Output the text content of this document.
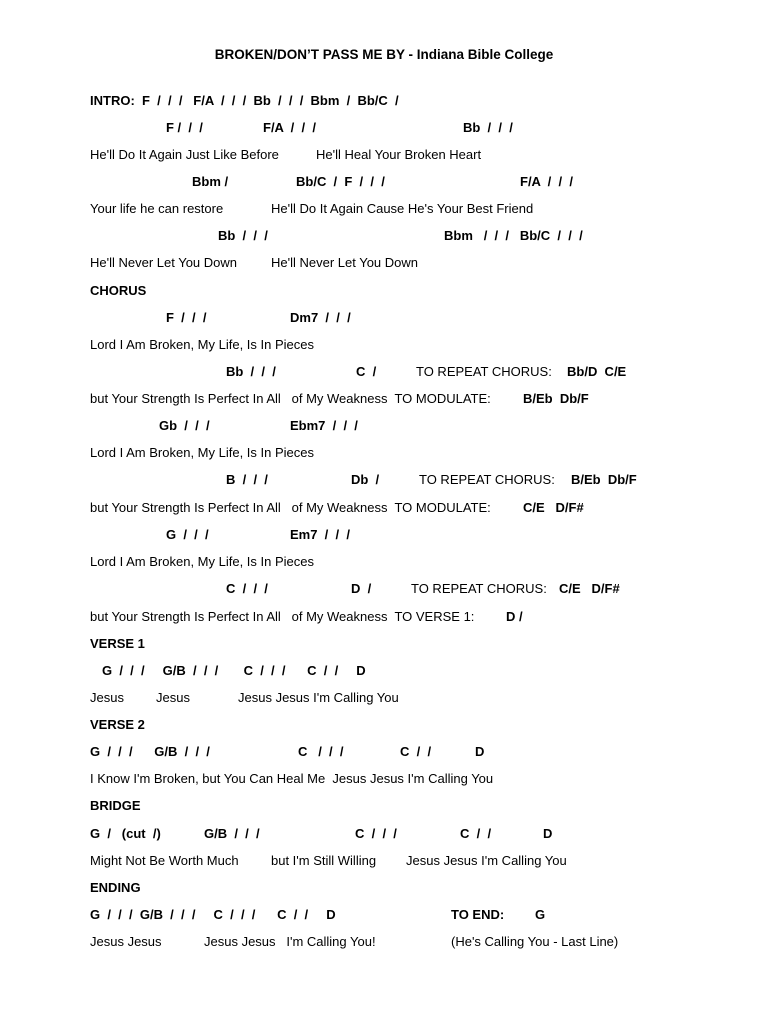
BROKEN/DON’T PASS ME BY - Indiana Bible College
INTRO:  F  /  /  /   F/A  /  /  /  Bb  /  /  /  Bbm  /  Bb/C  /
F /  /  /	F/A  /  /  /	Bb  /  /  /
He'll Do It Again Just Like Before	He'll Heal Your Broken Heart
Bbm /	Bb/C  /  F  /  /  /	F/A  /  /  /
Your life he can restore	He'll Do It Again Cause He's Your Best Friend
Bb  /  /  /	Bbm   /  /  /   Bb/C  /  /  /
He'll Never Let You Down	He'll Never Let You Down
CHORUS
F  /  /  /	Dm7  /  /  /
Lord I Am Broken, My Life, Is In Pieces
Bb  /  /  /	C  /	TO REPEAT CHORUS: Bb/D  C/E
but Your Strength Is Perfect In All   of My Weakness  TO MODULATE: B/Eb  Db/F
Gb  /  /  /	Ebm7  /  /  /
Lord I Am Broken, My Life, Is In Pieces
B  /  /  /	Db  /	TO REPEAT CHORUS: B/Eb  Db/F
but Your Strength Is Perfect In All   of My Weakness  TO MODULATE: C/E   D/F#
G  /  /  /	Em7  /  /  /
Lord I Am Broken, My Life, Is In Pieces
C  /  /  /	D  /	TO REPEAT CHORUS: C/E   D/F#
but Your Strength Is Perfect In All   of My Weakness  TO VERSE 1: D /
VERSE 1
G  /  /  /     G/B  /  /  /       C  /  /  /      C  /  /     D
Jesus Jesus	Jesus Jesus I'm Calling You
VERSE 2
G  /  /  /      G/B  /  /  /	C   /  /  /	C  /  /	D
I Know I'm Broken, but You Can Heal Me  Jesus Jesus I'm Calling You
BRIDGE
G  /   (cut  /)	G/B  /  /  /	C  /  /  /	C  /  /	D
Might Not Be Worth Much but I'm Still Willing Jesus Jesus I'm Calling You
ENDING
G  /  /  /  G/B  /  /  /     C  /  /  /      C  /  /     D	TO END: G
Jesus Jesus	Jesus Jesus   I'm Calling You!	(He's Calling You - Last Line)
